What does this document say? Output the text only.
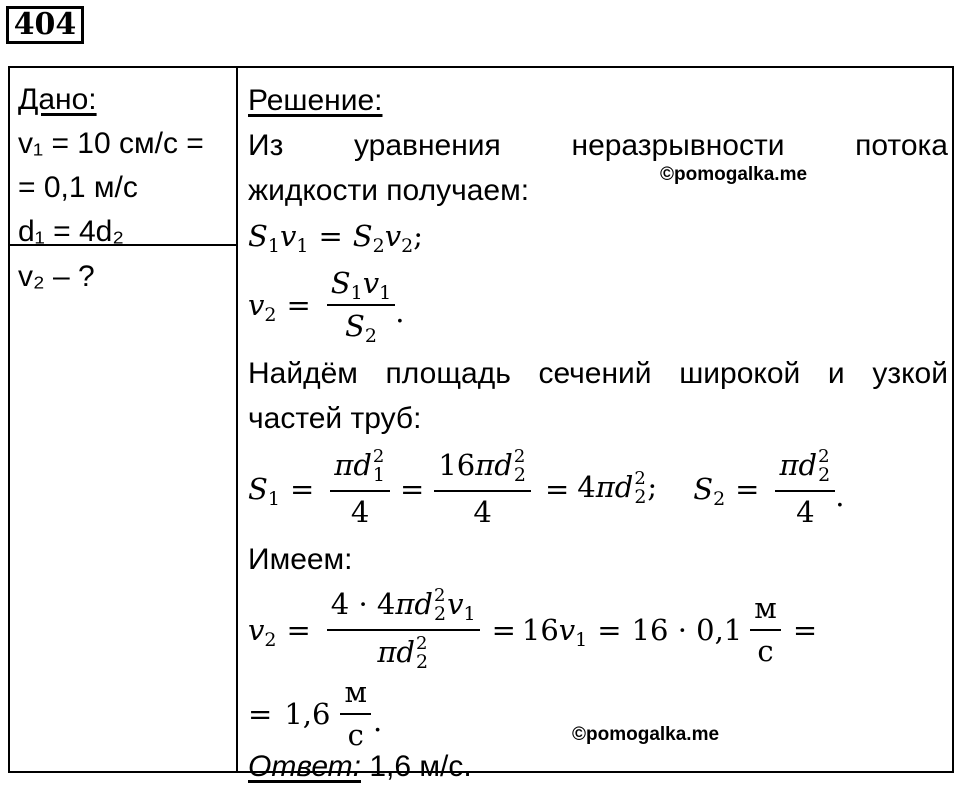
404
Дано:
v₁ = 10 см/с =
= 0,1 м/с
d₁ = 4d₂
v₂ – ?
Решение:
Из уравнения неразрывности потока
жидкости получаем:
$S_1v_1 = S_2v_2$;
$v_2 = \frac{S_1v_1}{S_2}$ .
Найдём площадь сечений широкой и узкой
частей труб:
$S_1 = \pi d$ 2
1
4 = 16πd 2
2
4 = 4πd 2
2 ; $S_2 = \pi d$ 2
2
4 .
Имеем:
$v_2 = 4 \cdot 4\pi d$ 2
2 $v_1$
πd 2
$2 = 16v_1 = 16 \cdot 0,1 \frac{м}{с}$ =
= $1,6 \frac{м}{с}$ .
Ответ: 1,6 м/с.
©pomogalka.me
©pomogalka.me
